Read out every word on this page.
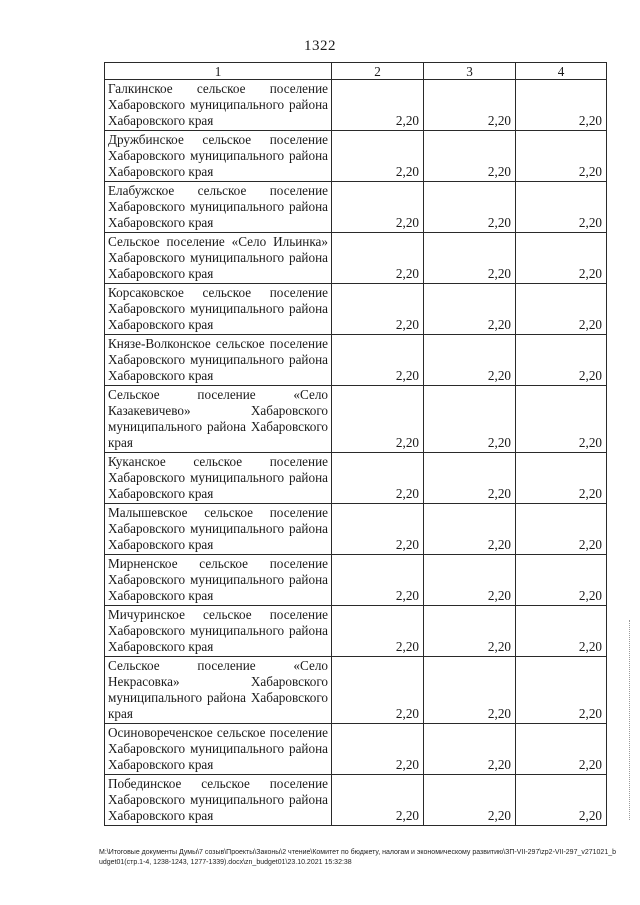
1322
1	2	3	4
Галкинское сельское поселение Хабаровского муниципального района Хабаровского края	2,20	2,20	2,20
Дружбинское сельское поселение Хабаровского муниципального района Хабаровского края	2,20	2,20	2,20
Елабужское сельское поселение Хабаровского муниципального района Хабаровского края	2,20	2,20	2,20
Сельское поселение «Село Ильинка» Хабаровского муниципального района Хабаровского края	2,20	2,20	2,20
Корсаковское сельское поселение Хабаровского муниципального района Хабаровского края	2,20	2,20	2,20
Князе-Волконское сельское поселение Хабаровского муниципального района Хабаровского края	2,20	2,20	2,20
Сельское поселение «Село Казакевичево» Хабаровского муниципального района Хабаровского края	2,20	2,20	2,20
Куканское сельское поселение Хабаровского муниципального района Хабаровского края	2,20	2,20	2,20
Малышевское сельское поселение Хабаровского муниципального района Хабаровского края	2,20	2,20	2,20
Мирненское сельское поселение Хабаровского муниципального района Хабаровского края	2,20	2,20	2,20
Мичуринское сельское поселение Хабаровского муниципального района Хабаровского края	2,20	2,20	2,20
Сельское поселение «Село Некрасовка» Хабаровского муниципального района Хабаровского края	2,20	2,20	2,20
Осиновореченское сельское поселение Хабаровского муниципального района Хабаровского края	2,20	2,20	2,20
Побединское сельское поселение Хабаровского муниципального района Хабаровского края	2,20	2,20	2,20
M:\Итоговые документы Думы\7 созыв\Проекты\Законы\2 чтение\Комитет по бюджету, налогам и экономическому развитию\ЗП-VII-297\zp2-VII-297_v271021_budget01(стр.1-4, 1238-1243, 1277-1339).docx\zn_budget01\23.10.2021 15:32:38
